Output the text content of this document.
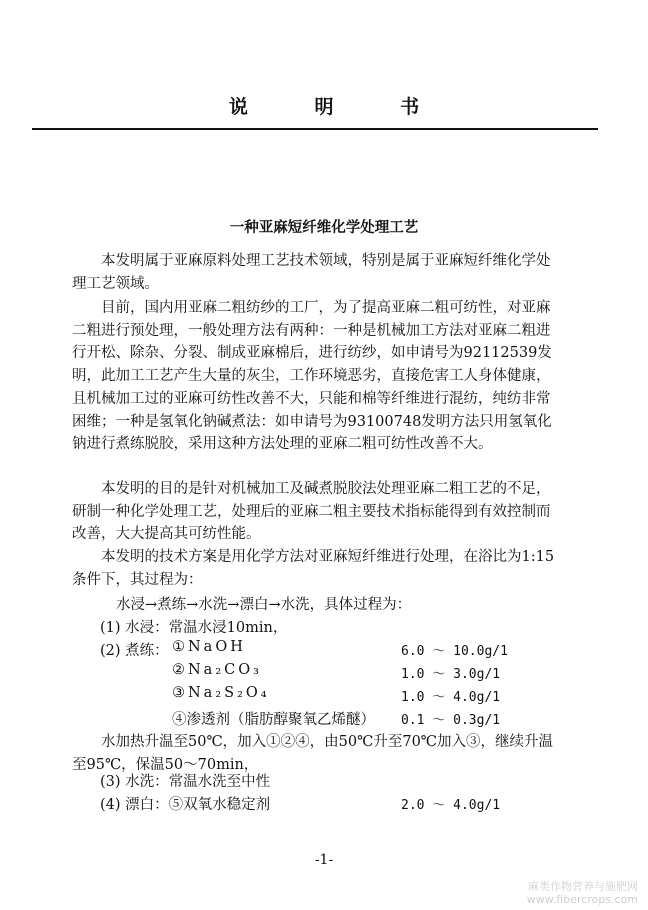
说 明 书
一种亚麻短纤维化学处理工艺

本发明属于亚麻原料处理工艺技术领域，特别是属于亚麻短纤维化学处理工艺领域。

目前，国内用亚麻二粗纺纱的工厂，为了提高亚麻二粗可纺性，对亚麻二粗进行预处理，一般处理方法有两种：一种是机械加工方法对亚麻二粗进行开松、除杂、分裂、制成亚麻棉后，进行纺纱，如申请号为92112539发明，此加工工艺产生大量的灰尘，工作环境恶劣，直接危害工人身体健康，且机械加工过的亚麻可纺性改善不大，只能和棉等纤维进行混纺，纯纺非常困维；一种是氢氧化钠碱煮法：如申请号为93100748发明方法只用氢氧化钠进行煮练脱胶，采用这种方法处理的亚麻二粗可纺性改善不大。

本发明的目的是针对机械加工及碱煮脱胶法处理亚麻二粗工艺的不足，研制一种化学处理工艺，处理后的亚麻二粗主要技术指标能得到有效控制而改善，大大提高其可纺性能。

本发明的技术方案是用化学方法对亚麻短纤维进行处理，在浴比为1:15条件下，其过程为：

水浸→煮练→水洗→漂白→水洗，具体过程为：
(1) 水浸：常温水浸10min，
(2) 煮练： ①NaOH	6.0 ～ 10.0g/1
②Na₂CO₃	1.0 ～ 3.0g/1
③Na₂S₂O₄	1.0 ～ 4.0g/1
④渗透剂（脂肪醇聚氧乙烯醚） 0.1 ～ 0.3g/1

水加热升温至50℃，加入①②④，由50℃升至70℃加入③，继续升温至95℃，保温50～70min，

(3) 水洗：常温水洗至中性
(4) 漂白：⑤双氧水稳定剂	2.0 ～ 4.0g/1
-1-
麻类作物营养与施肥网
www.fibercrops.com
